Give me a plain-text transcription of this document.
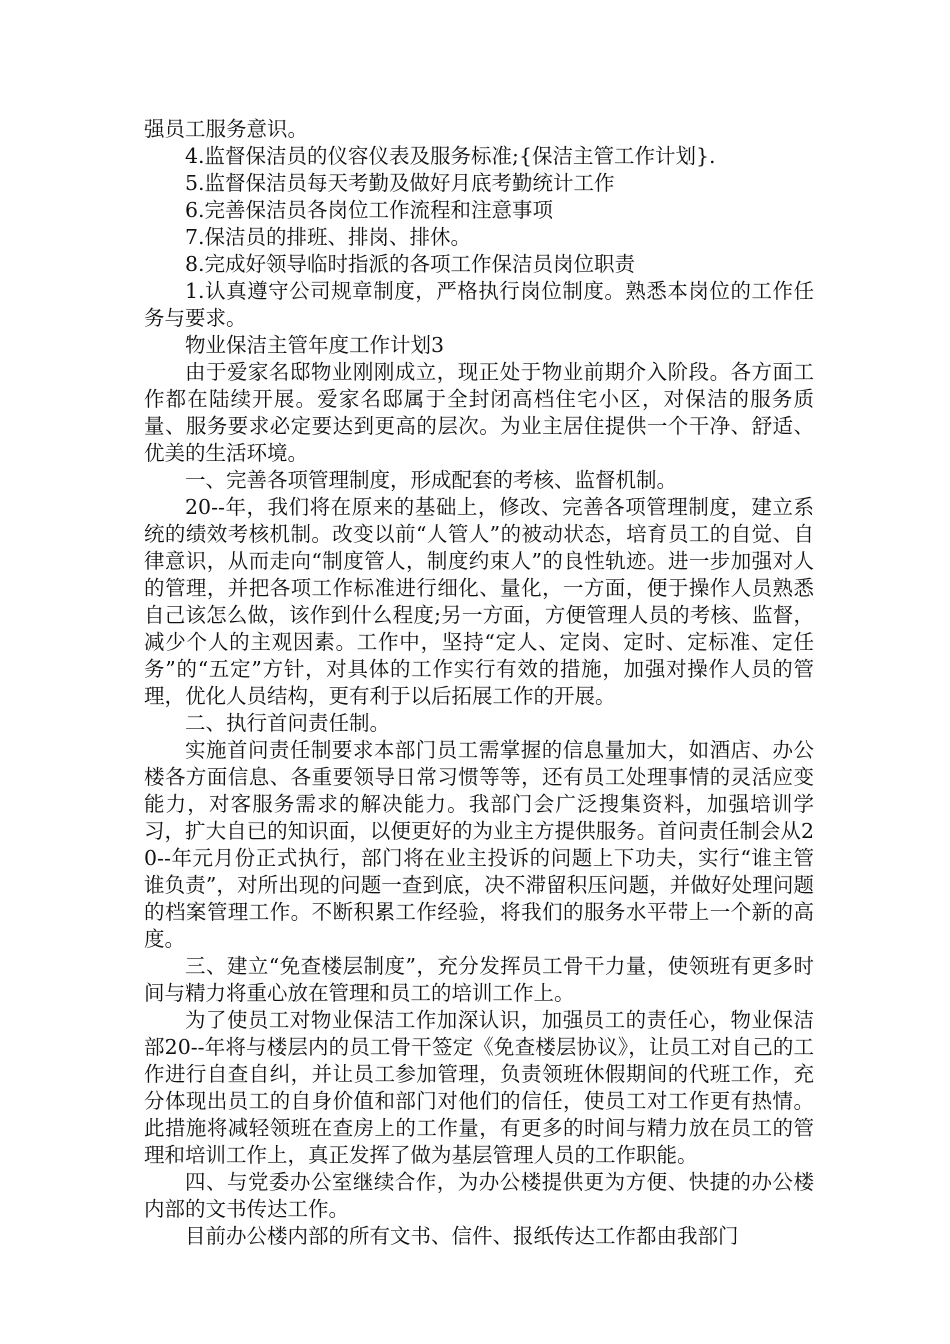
强员工服务意识。

4.监督保洁员的仪容仪表及服务标准;{保洁主管工作计划}.

5.监督保洁员每天考勤及做好月底考勤统计工作

6.完善保洁员各岗位工作流程和注意事项

7.保洁员的排班、排岗、排休。

8.完成好领导临时指派的各项工作保洁员岗位职责

1.认真遵守公司规章制度，严格执行岗位制度。熟悉本岗位的工作任务与要求。

物业保洁主管年度工作计划3

由于爱家名邸物业刚刚成立，现正处于物业前期介入阶段。各方面工作都在陆续开展。爱家名邸属于全封闭高档住宅小区，对保洁的服务质量、服务要求必定要达到更高的层次。为业主居住提供一个干净、舒适、优美的生活环境。

一、完善各项管理制度，形成配套的考核、监督机制。

20--年，我们将在原来的基础上，修改、完善各项管理制度，建立系统的绩效考核机制。改变以前“人管人”的被动状态，培育员工的自觉、自律意识，从而走向“制度管人，制度约束人”的良性轨迹。进一步加强对人的管理，并把各项工作标准进行细化、量化，一方面，便于操作人员熟悉自己该怎么做，该作到什么程度;另一方面，方便管理人员的考核、监督，减少个人的主观因素。工作中，坚持“定人、定岗、定时、定标准、定任务”的“五定”方针，对具体的工作实行有效的措施，加强对操作人员的管理，优化人员结构，更有利于以后拓展工作的开展。

二、执行首问责任制。

实施首问责任制要求本部门员工需掌握的信息量加大，如酒店、办公楼各方面信息、各重要领导日常习惯等等，还有员工处理事情的灵活应变能力，对客服务需求的解决能力。我部门会广泛搜集资料，加强培训学习，扩大自已的知识面，以便更好的为业主方提供服务。首问责任制会从20--年元月份正式执行，部门将在业主投诉的问题上下功夫，实行“谁主管谁负责”，对所出现的问题一查到底，决不滞留积压问题，并做好处理问题的档案管理工作。不断积累工作经验，将我们的服务水平带上一个新的高度。

三、建立“免查楼层制度”，充分发挥员工骨干力量，使领班有更多时间与精力将重心放在管理和员工的培训工作上。

为了使员工对物业保洁工作加深认识，加强员工的责任心，物业保洁部20--年将与楼层内的员工骨干签定《免查楼层协议》，让员工对自己的工作进行自查自纠，并让员工参加管理，负责领班休假期间的代班工作，充分体现出员工的自身价值和部门对他们的信任，使员工对工作更有热情。此措施将减轻领班在查房上的工作量，有更多的时间与精力放在员工的管理和培训工作上，真正发挥了做为基层管理人员的工作职能。

四、与党委办公室继续合作，为办公楼提供更为方便、快捷的办公楼内部的文书传达工作。

目前办公楼内部的所有文书、信件、报纸传达工作都由我部门
